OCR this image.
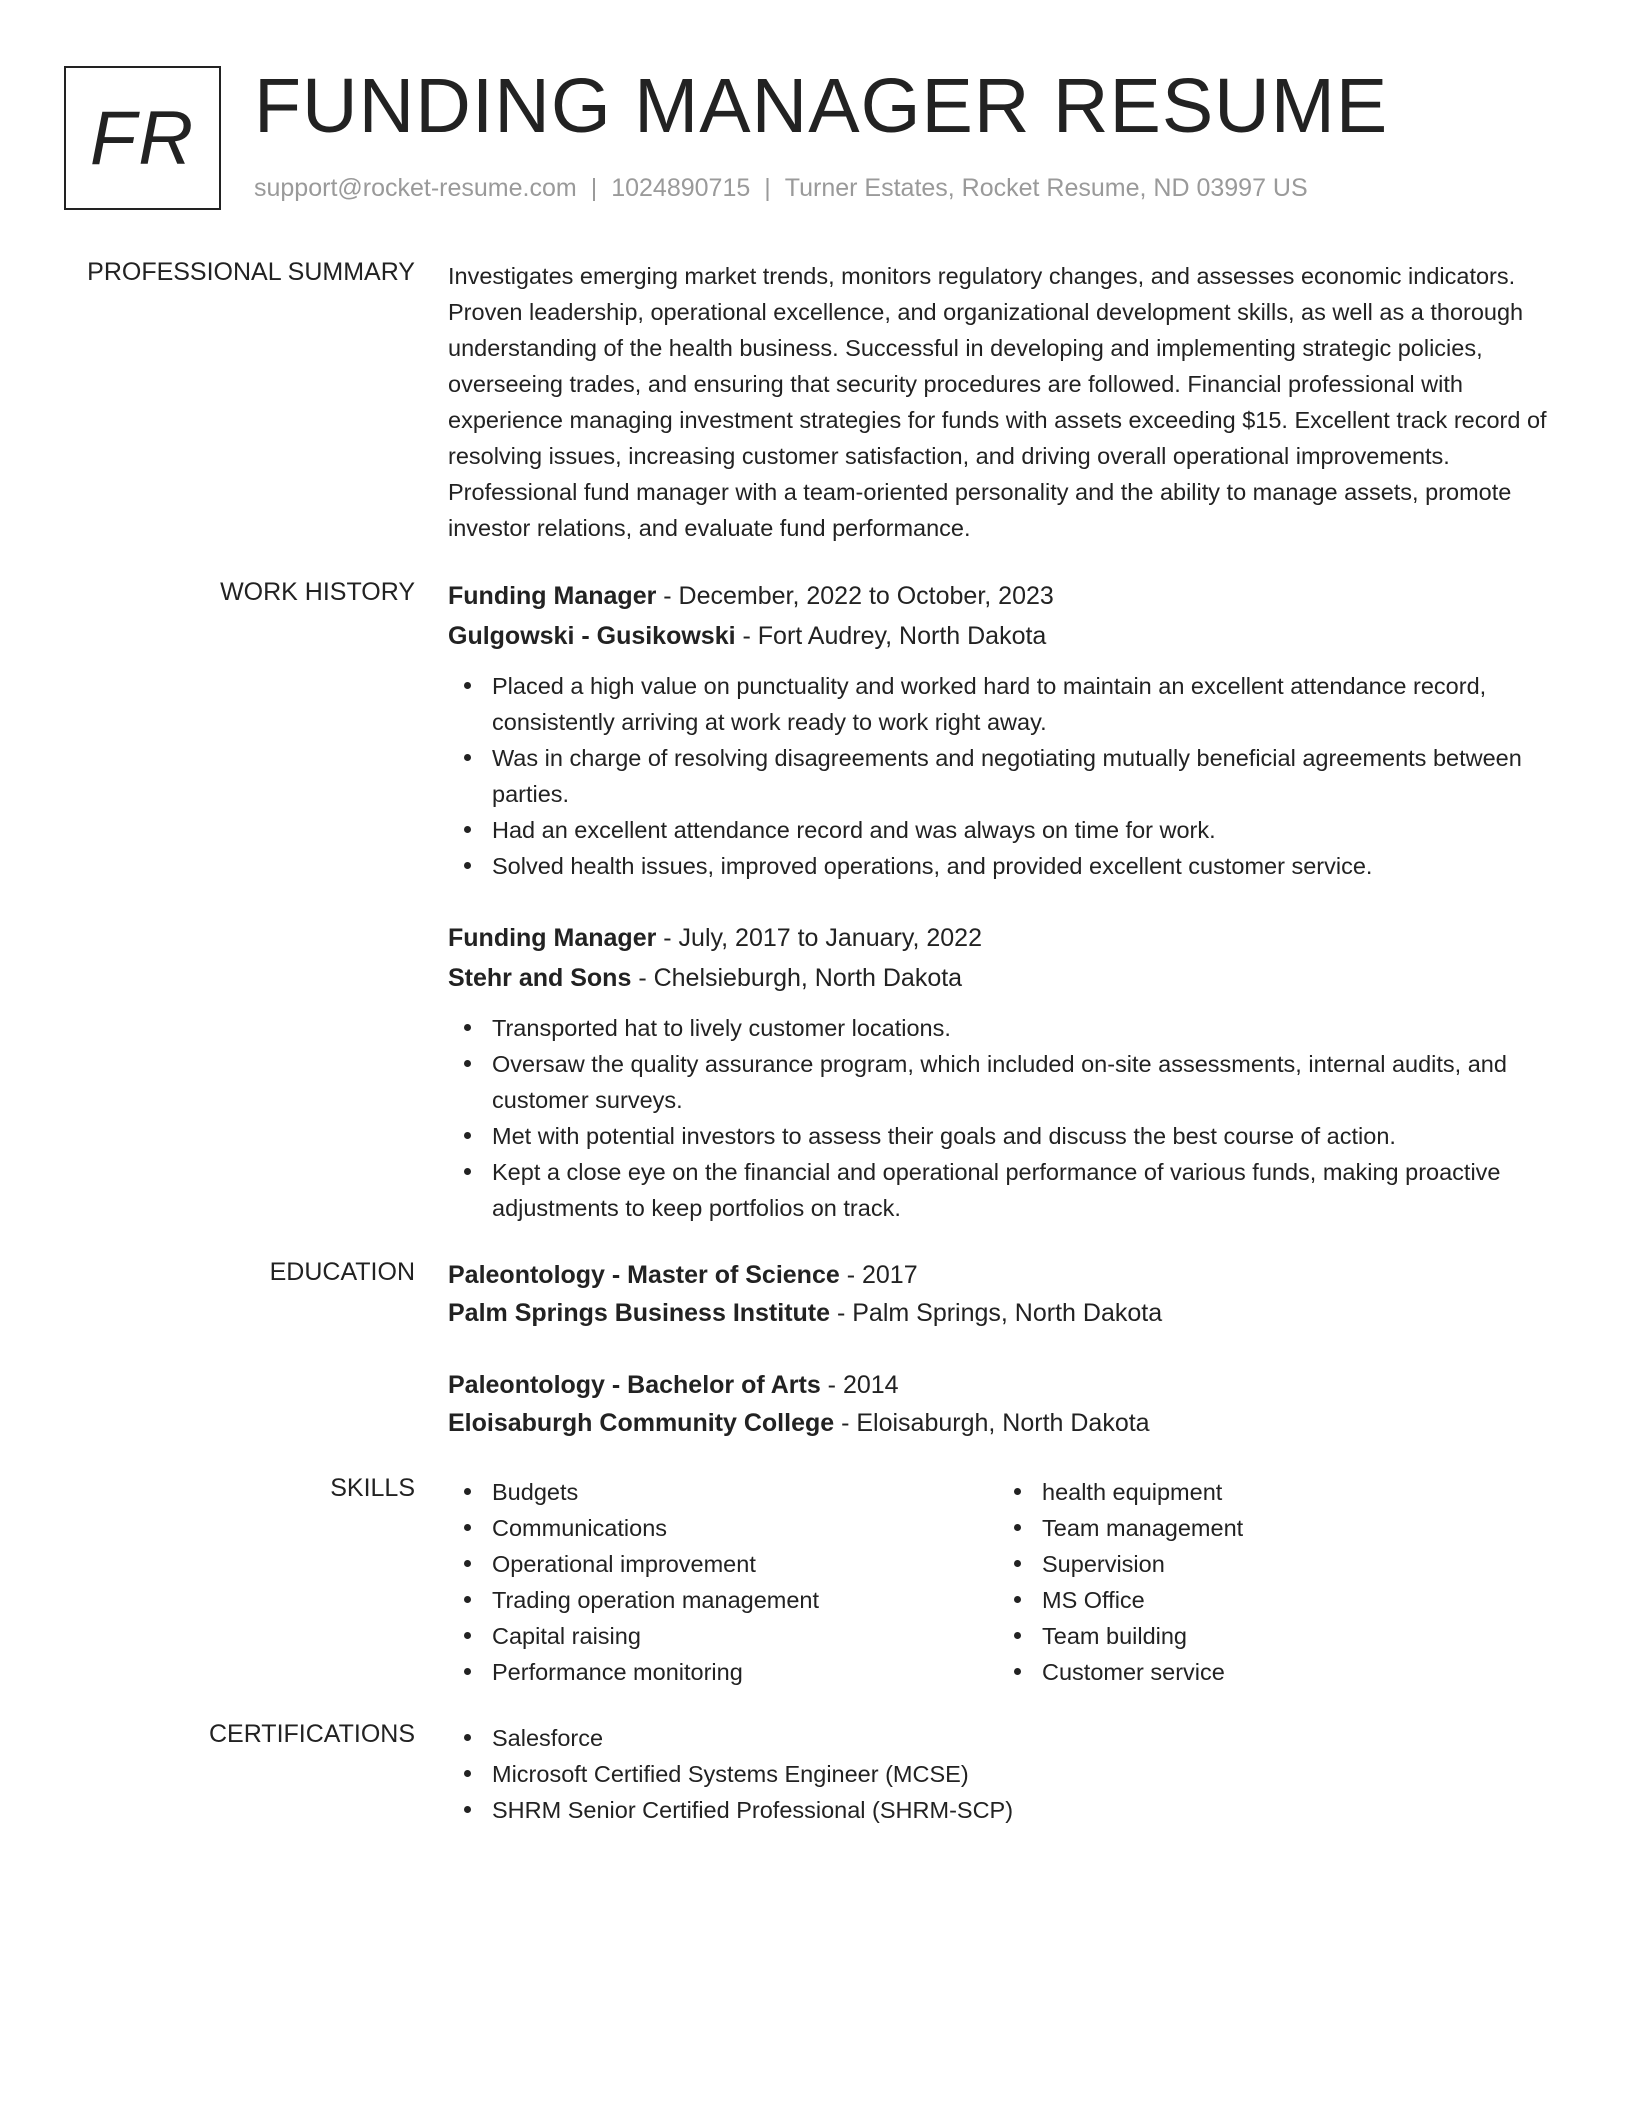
FR FUNDING MANAGER RESUME
support@rocket-resume.com | 1024890715 | Turner Estates, Rocket Resume, ND 03997 US
PROFESSIONAL SUMMARY Investigates emerging market trends, monitors regulatory changes, and assesses economic indicators. Proven leadership, operational excellence, and organizational development skills, as well as a thorough understanding of the health business. Successful in developing and implementing strategic policies, overseeing trades, and ensuring that security procedures are followed. Financial professional with experience managing investment strategies for funds with assets exceeding $15. Excellent track record of resolving issues, increasing customer satisfaction, and driving overall operational improvements. Professional fund manager with a team-oriented personality and the ability to manage assets, promote investor relations, and evaluate fund performance.
WORK HISTORY Funding Manager - December, 2022 to October, 2023
Gulgowski - Gusikowski - Fort Audrey, North Dakota
Placed a high value on punctuality and worked hard to maintain an excellent attendance record, consistently arriving at work ready to work right away.
Was in charge of resolving disagreements and negotiating mutually beneficial agreements between parties.
Had an excellent attendance record and was always on time for work.
Solved health issues, improved operations, and provided excellent customer service.
Funding Manager - July, 2017 to January, 2022
Stehr and Sons - Chelsieburgh, North Dakota
Transported hat to lively customer locations.
Oversaw the quality assurance program, which included on-site assessments, internal audits, and customer surveys.
Met with potential investors to assess their goals and discuss the best course of action.
Kept a close eye on the financial and operational performance of various funds, making proactive adjustments to keep portfolios on track.
EDUCATION Paleontology - Master of Science - 2017
Palm Springs Business Institute - Palm Springs, North Dakota
Paleontology - Bachelor of Arts - 2014
Eloisaburgh Community College - Eloisaburgh, North Dakota
SKILLS	Budgets
Communications
Operational improvement
Trading operation management
Capital raising
Performance monitoring
health equipment
Team management
Supervision
MS Office
Team building
Customer service
CERTIFICATIONS	Salesforce
Microsoft Certified Systems Engineer (MCSE)
SHRM Senior Certified Professional (SHRM-SCP)
